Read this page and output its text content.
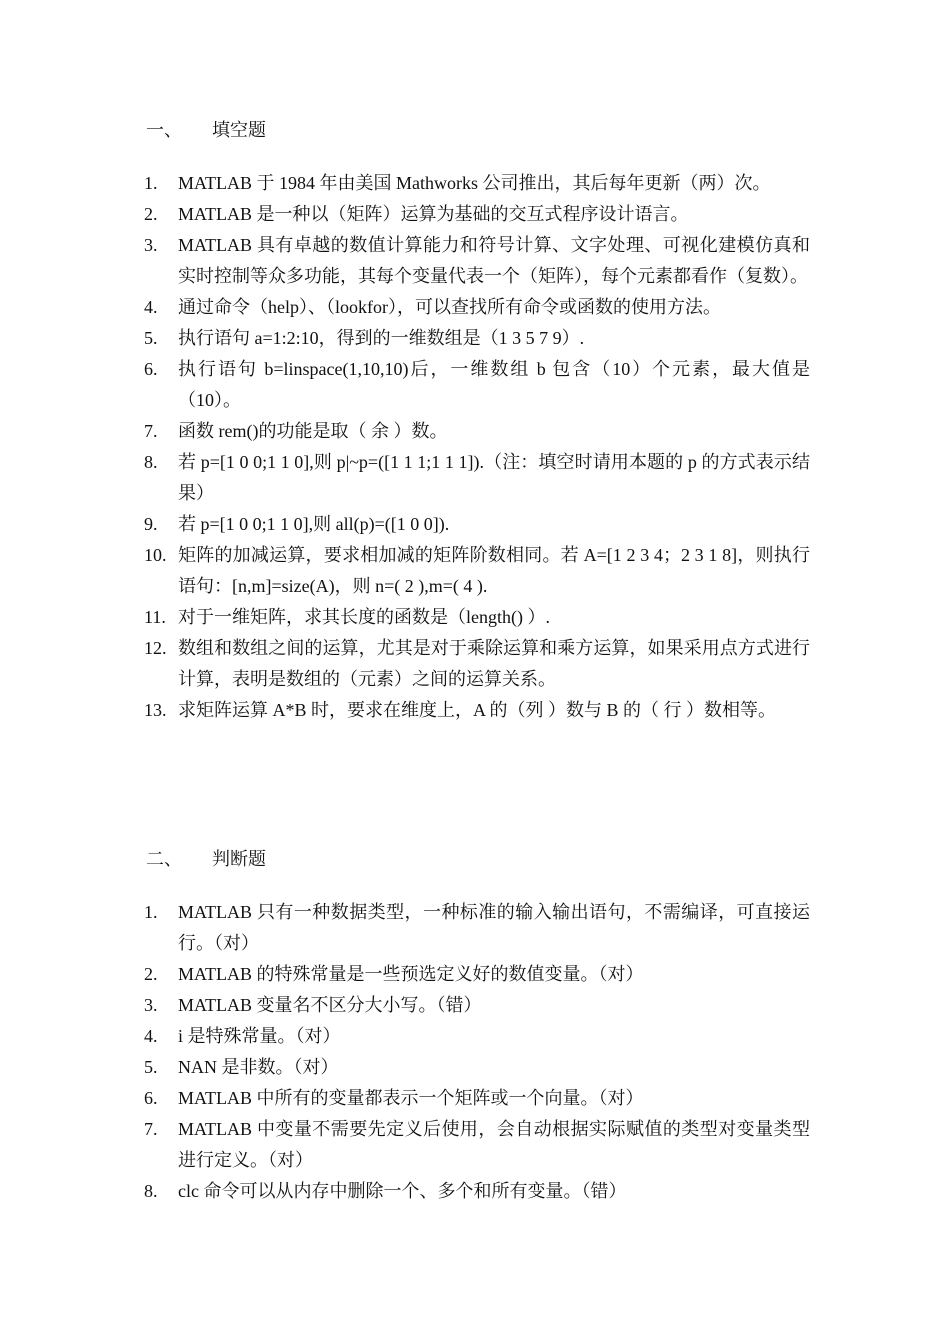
一、 填空题
1.	MATLAB 于 1984 年由美国 Mathworks 公司推出，其后每年更新（两）次。
2.	MATLAB 是一种以（矩阵）运算为基础的交互式程序设计语言。
3.	MATLAB 具有卓越的数值计算能力和符号计算、文字处理、可视化建模仿真和实时控制等众多功能，其每个变量代表一个（矩阵），每个元素都看作（复数）。
4.	通过命令（help）、（lookfor），可以查找所有命令或函数的使用方法。
5.	执行语句 a=1:2:10，得到的一维数组是（1 3 5 7 9）.
6.	执行语句 b=linspace(1,10,10)后，一维数组 b 包含（10）个元素，最大值是（10）。
7.	函数 rem()的功能是取（ 余 ）数。
8.	若 p=[1 0 0;1 1 0],则 p|~p=([1 1 1;1 1 1]).（注：填空时请用本题的 p 的方式表示结果）
9.	若 p=[1 0 0;1 1 0],则 all(p)=([1 0 0]).
10. 矩阵的加减运算，要求相加减的矩阵阶数相同。若 A=[1 2 3 4；2 3 1 8]，则执行语句：[n,m]=size(A)，则 n=( 2 ),m=( 4 ).
11. 对于一维矩阵，求其长度的函数是（length() ）.
12. 数组和数组之间的运算，尤其是对于乘除运算和乘方运算，如果采用点方式进行计算，表明是数组的（元素）之间的运算关系。
13. 求矩阵运算 A*B 时，要求在维度上，A 的（列 ）数与 B 的（ 行 ）数相等。
二、 判断题
1.	MATLAB 只有一种数据类型，一种标准的输入输出语句，不需编译，可直接运行。（对）
2.	MATLAB 的特殊常量是一些预选定义好的数值变量。（对）
3.	MATLAB 变量名不区分大小写。（错）
4.	i 是特殊常量。（对）
5.	NAN 是非数。（对）
6.	MATLAB 中所有的变量都表示一个矩阵或一个向量。（对）
7.	MATLAB 中变量不需要先定义后使用，会自动根据实际赋值的类型对变量类型进行定义。（对）
8.	clc 命令可以从内存中删除一个、多个和所有变量。（错）
